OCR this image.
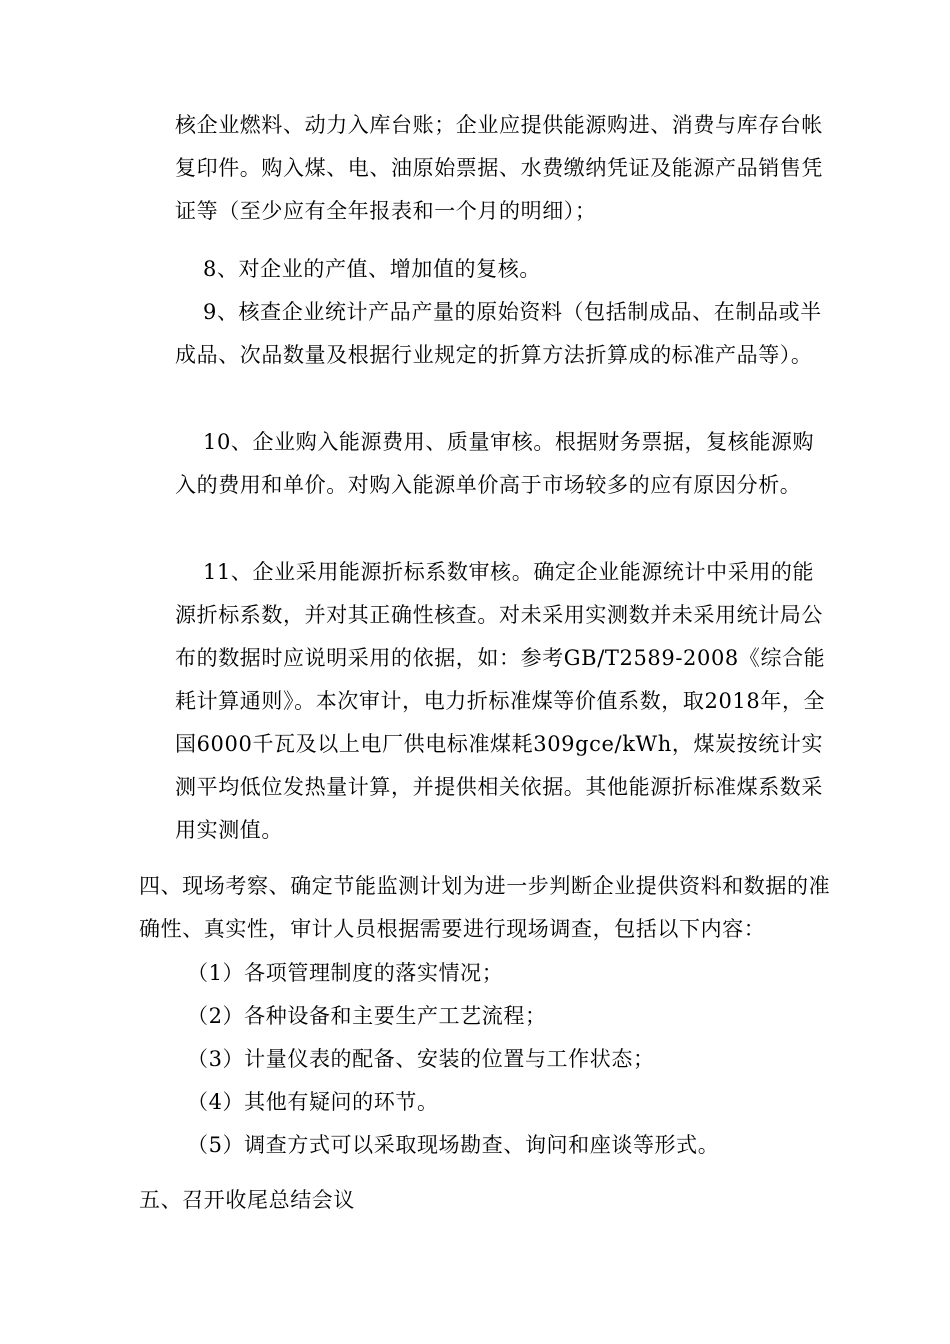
核企业燃料、动力入库台账；企业应提供能源购进、消费与库存台帐复印件。购入煤、电、油原始票据、水费缴纳凭证及能源产品销售凭证等（至少应有全年报表和一个月的明细）；

8、对企业的产值、增加值的复核。

9、核查企业统计产品产量的原始资料（包括制成品、在制品或半成品、次品数量及根据行业规定的折算方法折算成的标准产品等）。

10、企业购入能源费用、质量审核。根据财务票据，复核能源购入的费用和单价。对购入能源单价高于市场较多的应有原因分析。

11、企业采用能源折标系数审核。确定企业能源统计中采用的能源折标系数，并对其正确性核查。对未采用实测数并未采用统计局公布的数据时应说明采用的依据，如：参考GB/T2589-2008《综合能耗计算通则》。本次审计，电力折标准煤等价值系数，取2018年，全国6000千瓦及以上电厂供电标准煤耗309gce/kWh，煤炭按统计实测平均低位发热量计算，并提供相关依据。其他能源折标准煤系数采用实测值。

四、现场考察、确定节能监测计划为进一步判断企业提供资料和数据的准确性、真实性，审计人员根据需要进行现场调查，包括以下内容：

（1）各项管理制度的落实情况；

（2）各种设备和主要生产工艺流程；

（3）计量仪表的配备、安装的位置与工作状态；

（4）其他有疑问的环节。

（5）调查方式可以采取现场勘查、询问和座谈等形式。

五、召开收尾总结会议
